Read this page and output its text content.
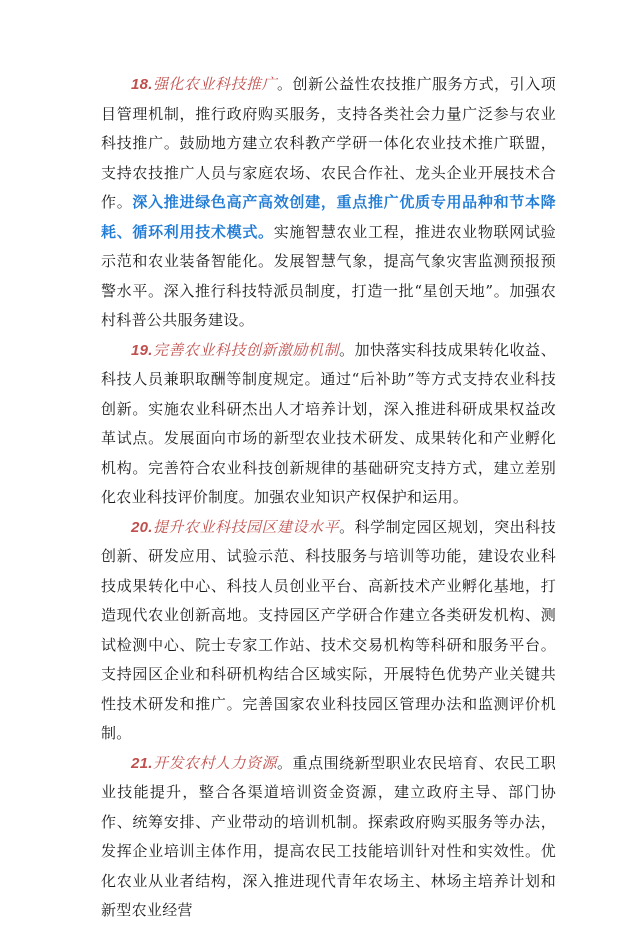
18.强化农业科技推广。创新公益性农技推广服务方式，引入项目管理机制，推行政府购买服务，支持各类社会力量广泛参与农业科技推广。鼓励地方建立农科教产学研一体化农业技术推广联盟，支持农技推广人员与家庭农场、农民合作社、龙头企业开展技术合作。深入推进绿色高产高效创建，重点推广优质专用品种和节本降耗、循环利用技术模式。实施智慧农业工程，推进农业物联网试验示范和农业装备智能化。发展智慧气象，提高气象灾害监测预报预警水平。深入推行科技特派员制度，打造一批“星创天地”。加强农村科普公共服务建设。

19.完善农业科技创新激励机制。加快落实科技成果转化收益、科技人员兼职取酬等制度规定。通过“后补助”等方式支持农业科技创新。实施农业科研杰出人才培养计划，深入推进科研成果权益改革试点。发展面向市场的新型农业技术研发、成果转化和产业孵化机构。完善符合农业科技创新规律的基础研究支持方式，建立差别化农业科技评价制度。加强农业知识产权保护和运用。

20.提升农业科技园区建设水平。科学制定园区规划，突出科技创新、研发应用、试验示范、科技服务与培训等功能，建设农业科技成果转化中心、科技人员创业平台、高新技术产业孵化基地，打造现代农业创新高地。支持园区产学研合作建立各类研发机构、测试检测中心、院士专家工作站、技术交易机构等科研和服务平台。支持园区企业和科研机构结合区域实际，开展特色优势产业关键共性技术研发和推广。完善国家农业科技园区管理办法和监测评价机制。

21.开发农村人力资源。重点围绕新型职业农民培育、农民工职业技能提升，整合各渠道培训资金资源，建立政府主导、部门协作、统筹安排、产业带动的培训机制。探索政府购买服务等办法，发挥企业培训主体作用，提高农民工技能培训针对性和实效性。优化农业从业者结构，深入推进现代青年农场主、林场主培养计划和新型农业经营
